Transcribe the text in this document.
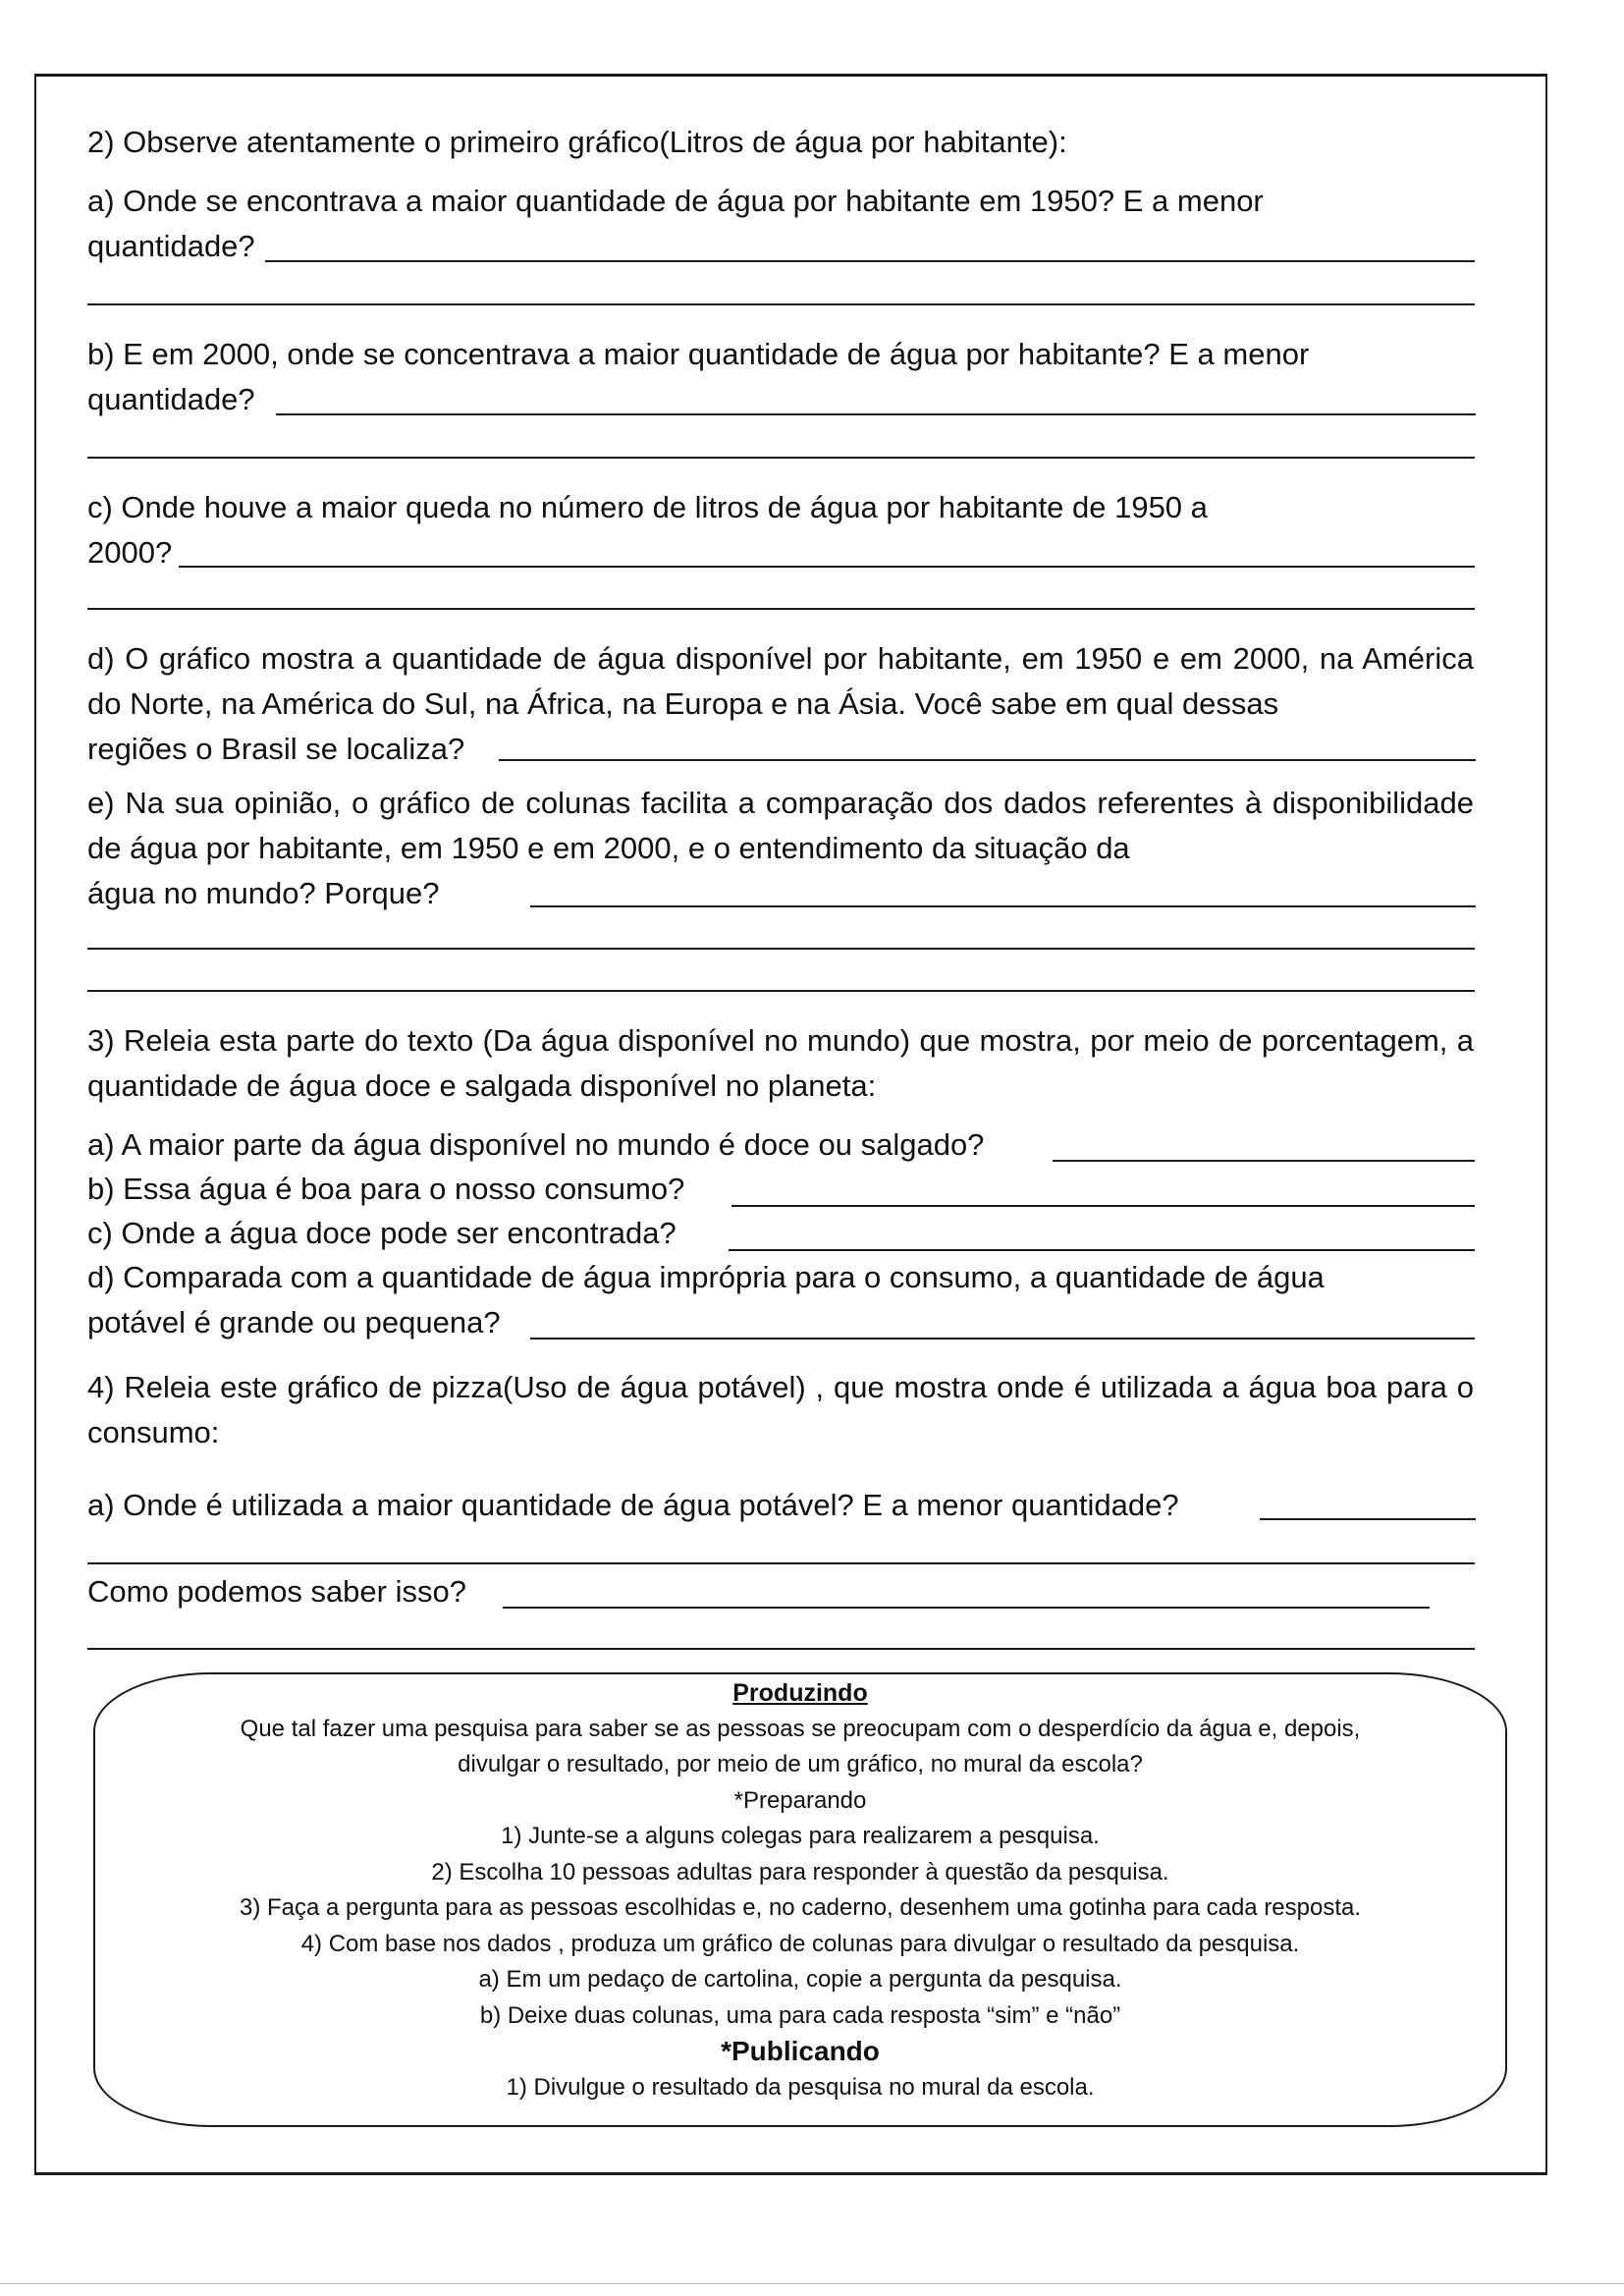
2) Observe atentamente o primeiro gráfico(Litros de água por habitante):
a) Onde se encontrava a maior quantidade de água por habitante em 1950? E a menor
quantidade?
b) E em 2000, onde se concentrava a maior quantidade de água por habitante? E a menor
quantidade?
c) Onde houve a maior queda no número de litros de água por habitante de 1950 a
2000?
d) O gráfico mostra a quantidade de água disponível por habitante, em 1950 e em 2000, na América do Norte, na América do Sul, na África, na Europa e na Ásia. Você sabe em qual dessas
regiões o Brasil se localiza?
e) Na sua opinião, o gráfico de colunas facilita a comparação dos dados referentes à disponibilidade de água por habitante, em 1950 e em 2000, e o entendimento da situação da
água no mundo? Porque?
3) Releia esta parte do texto (Da água disponível no mundo) que mostra, por meio de porcentagem, a quantidade de água doce e salgada disponível no planeta:
a) A maior parte da água disponível no mundo é doce ou salgado?
b) Essa água é boa para o nosso consumo?
c) Onde a água doce pode ser encontrada?
d) Comparada com a quantidade de água imprópria para o consumo, a quantidade de água
potável é grande ou pequena?
4) Releia este gráfico de pizza(Uso de água potável) , que mostra onde é utilizada a água boa para o consumo:
a) Onde é utilizada a maior quantidade de água potável? E a menor quantidade?
Como podemos saber isso?
Produzindo
Que tal fazer uma pesquisa para saber se as pessoas se preocupam com o desperdício da água e, depois,
divulgar o resultado, por meio de um gráfico, no mural da escola?
*Preparando
1) Junte-se a alguns colegas para realizarem a pesquisa.
2) Escolha 10 pessoas adultas para responder à questão da pesquisa.
3) Faça a pergunta para as pessoas escolhidas e, no caderno, desenhem uma gotinha para cada resposta.
4) Com base nos dados , produza um gráfico de colunas para divulgar o resultado da pesquisa.
a) Em um pedaço de cartolina, copie a pergunta da pesquisa.
b) Deixe duas colunas, uma para cada resposta “sim” e “não”
*Publicando
1) Divulgue o resultado da pesquisa no mural da escola.
